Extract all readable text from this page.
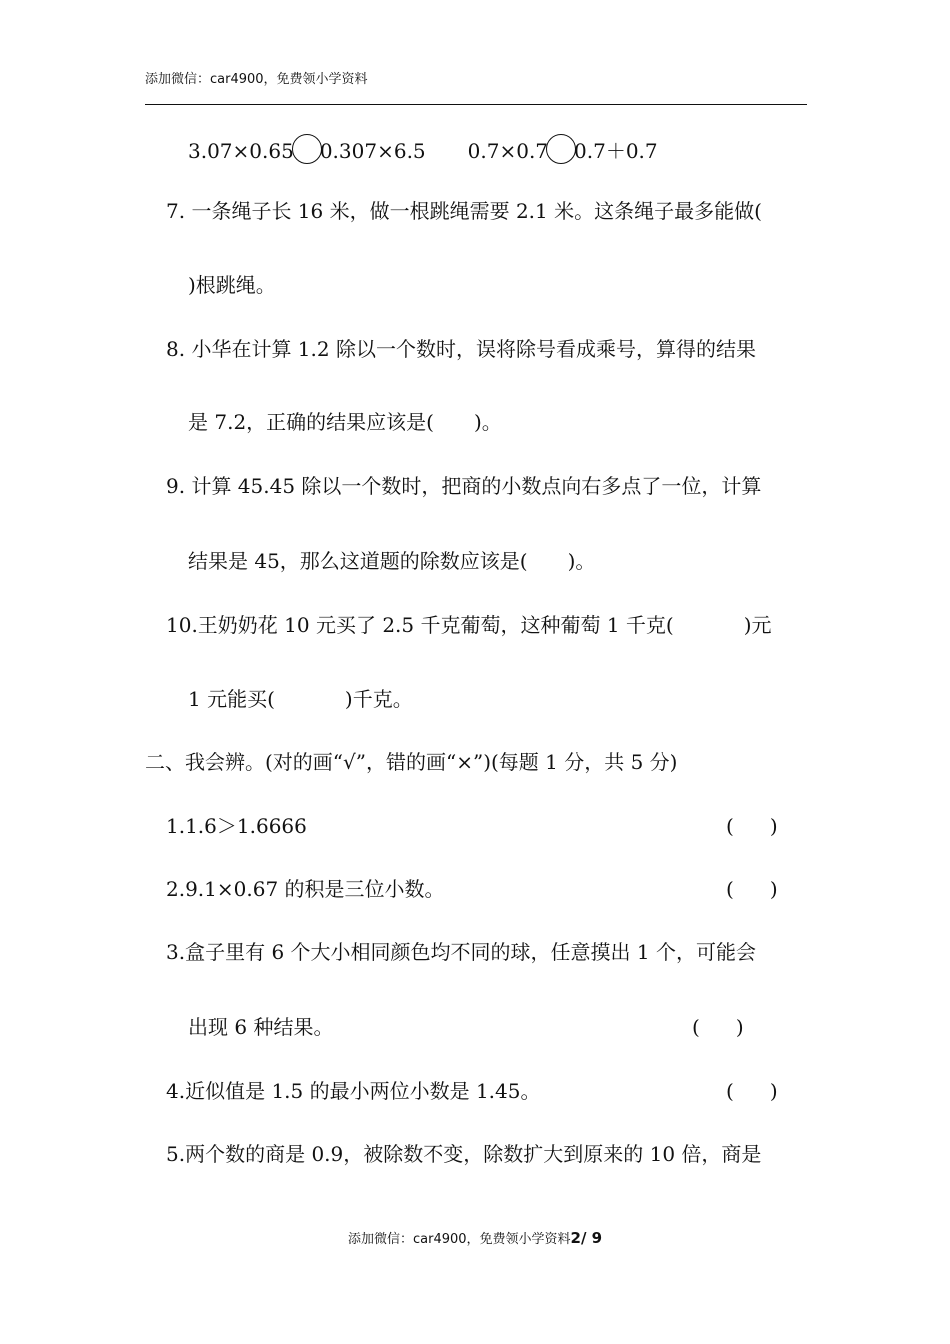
添加微信：car4900，免费领小学资料
3.07×0.65 0.307×6.5 0.7×0.7 0.7＋0.7
7. 一条绳子长 16 米，做一根跳绳需要 2.1 米。这条绳子最多能做(
)根跳绳。
8. 小华在计算 1.2 除以一个数时，误将除号看成乘号，算得的结果
是 7.2，正确的结果应该是( )。
9. 计算 45.45 除以一个数时，把商的小数点向右多点了一位，计算
结果是 45，那么这道题的除数应该是( )。
10.王奶奶花 10 元买了 2.5 千克葡萄，这种葡萄 1 千克(	)元
1 元能买(	)千克。
二、我会辨。(对的画“√”，错的画“×”)(每题 1 分，共 5 分)
1.1.6＞1.6666	( )
2.9.1×0.67 的积是三位小数。	( )
3.盒子里有 6 个大小相同颜色均不同的球，任意摸出 1 个，可能会
出现 6 种结果。	( )
4.近似值是 1.5 的最小两位小数是 1.45。	( )
5.两个数的商是 0.9，被除数不变，除数扩大到原来的 10 倍，商是
添加微信：car4900，免费领小学资料2/ 9
